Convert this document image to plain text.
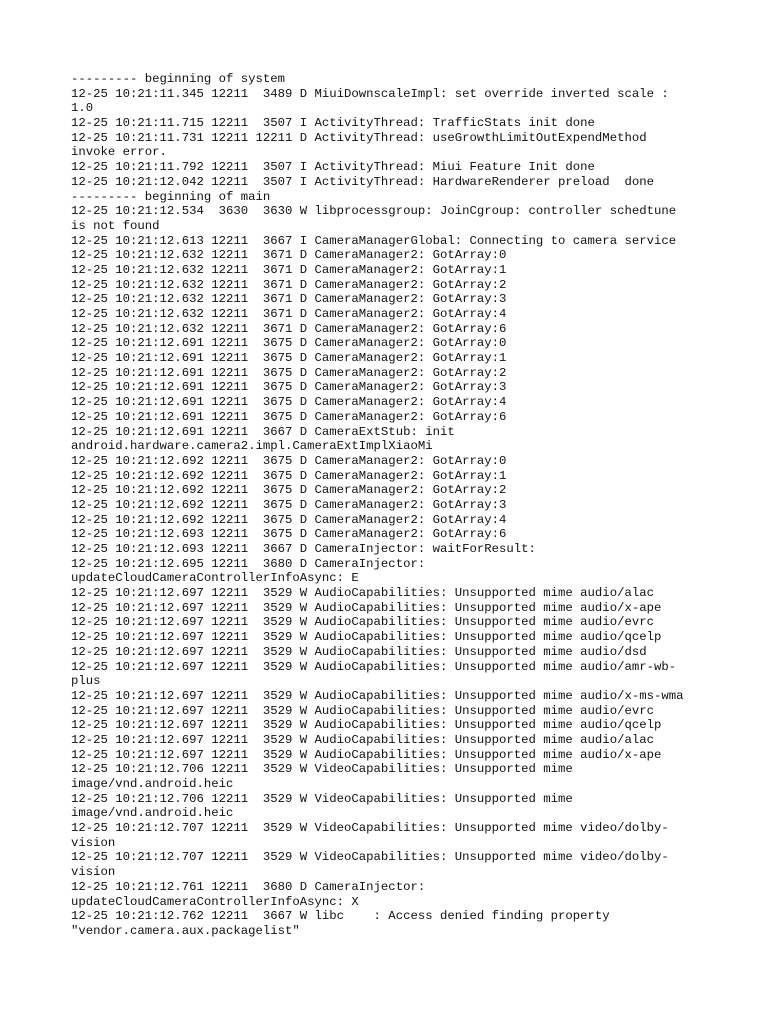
--------- beginning of system

12-25 10:21:11.345 12211  3489 D MiuiDownscaleImpl: set override inverted scale :

1.0

12-25 10:21:11.715 12211  3507 I ActivityThread: TrafficStats init done

12-25 10:21:11.731 12211 12211 D ActivityThread: useGrowthLimitOutExpendMethod

invoke error.

12-25 10:21:11.792 12211  3507 I ActivityThread: Miui Feature Init done

12-25 10:21:12.042 12211  3507 I ActivityThread: HardwareRenderer preload  done

--------- beginning of main

12-25 10:21:12.534  3630  3630 W libprocessgroup: JoinCgroup: controller schedtune

is not found

12-25 10:21:12.613 12211  3667 I CameraManagerGlobal: Connecting to camera service

12-25 10:21:12.632 12211  3671 D CameraManager2: GotArray:0

12-25 10:21:12.632 12211  3671 D CameraManager2: GotArray:1

12-25 10:21:12.632 12211  3671 D CameraManager2: GotArray:2

12-25 10:21:12.632 12211  3671 D CameraManager2: GotArray:3

12-25 10:21:12.632 12211  3671 D CameraManager2: GotArray:4

12-25 10:21:12.632 12211  3671 D CameraManager2: GotArray:6

12-25 10:21:12.691 12211  3675 D CameraManager2: GotArray:0

12-25 10:21:12.691 12211  3675 D CameraManager2: GotArray:1

12-25 10:21:12.691 12211  3675 D CameraManager2: GotArray:2

12-25 10:21:12.691 12211  3675 D CameraManager2: GotArray:3

12-25 10:21:12.691 12211  3675 D CameraManager2: GotArray:4

12-25 10:21:12.691 12211  3675 D CameraManager2: GotArray:6

12-25 10:21:12.691 12211  3667 D CameraExtStub: init

android.hardware.camera2.impl.CameraExtImplXiaoMi

12-25 10:21:12.692 12211  3675 D CameraManager2: GotArray:0

12-25 10:21:12.692 12211  3675 D CameraManager2: GotArray:1

12-25 10:21:12.692 12211  3675 D CameraManager2: GotArray:2

12-25 10:21:12.692 12211  3675 D CameraManager2: GotArray:3

12-25 10:21:12.692 12211  3675 D CameraManager2: GotArray:4

12-25 10:21:12.693 12211  3675 D CameraManager2: GotArray:6

12-25 10:21:12.693 12211  3667 D CameraInjector: waitForResult:

12-25 10:21:12.695 12211  3680 D CameraInjector:

updateCloudCameraControllerInfoAsync: E

12-25 10:21:12.697 12211  3529 W AudioCapabilities: Unsupported mime audio/alac

12-25 10:21:12.697 12211  3529 W AudioCapabilities: Unsupported mime audio/x-ape

12-25 10:21:12.697 12211  3529 W AudioCapabilities: Unsupported mime audio/evrc

12-25 10:21:12.697 12211  3529 W AudioCapabilities: Unsupported mime audio/qcelp

12-25 10:21:12.697 12211  3529 W AudioCapabilities: Unsupported mime audio/dsd

12-25 10:21:12.697 12211  3529 W AudioCapabilities: Unsupported mime audio/amr-wb-

plus

12-25 10:21:12.697 12211  3529 W AudioCapabilities: Unsupported mime audio/x-ms-wma

12-25 10:21:12.697 12211  3529 W AudioCapabilities: Unsupported mime audio/evrc

12-25 10:21:12.697 12211  3529 W AudioCapabilities: Unsupported mime audio/qcelp

12-25 10:21:12.697 12211  3529 W AudioCapabilities: Unsupported mime audio/alac

12-25 10:21:12.697 12211  3529 W AudioCapabilities: Unsupported mime audio/x-ape

12-25 10:21:12.706 12211  3529 W VideoCapabilities: Unsupported mime

image/vnd.android.heic

12-25 10:21:12.706 12211  3529 W VideoCapabilities: Unsupported mime

image/vnd.android.heic

12-25 10:21:12.707 12211  3529 W VideoCapabilities: Unsupported mime video/dolby-

vision

12-25 10:21:12.707 12211  3529 W VideoCapabilities: Unsupported mime video/dolby-

vision

12-25 10:21:12.761 12211  3680 D CameraInjector:

updateCloudCameraControllerInfoAsync: X

12-25 10:21:12.762 12211  3667 W libc    : Access denied finding property

"vendor.camera.aux.packagelist"
